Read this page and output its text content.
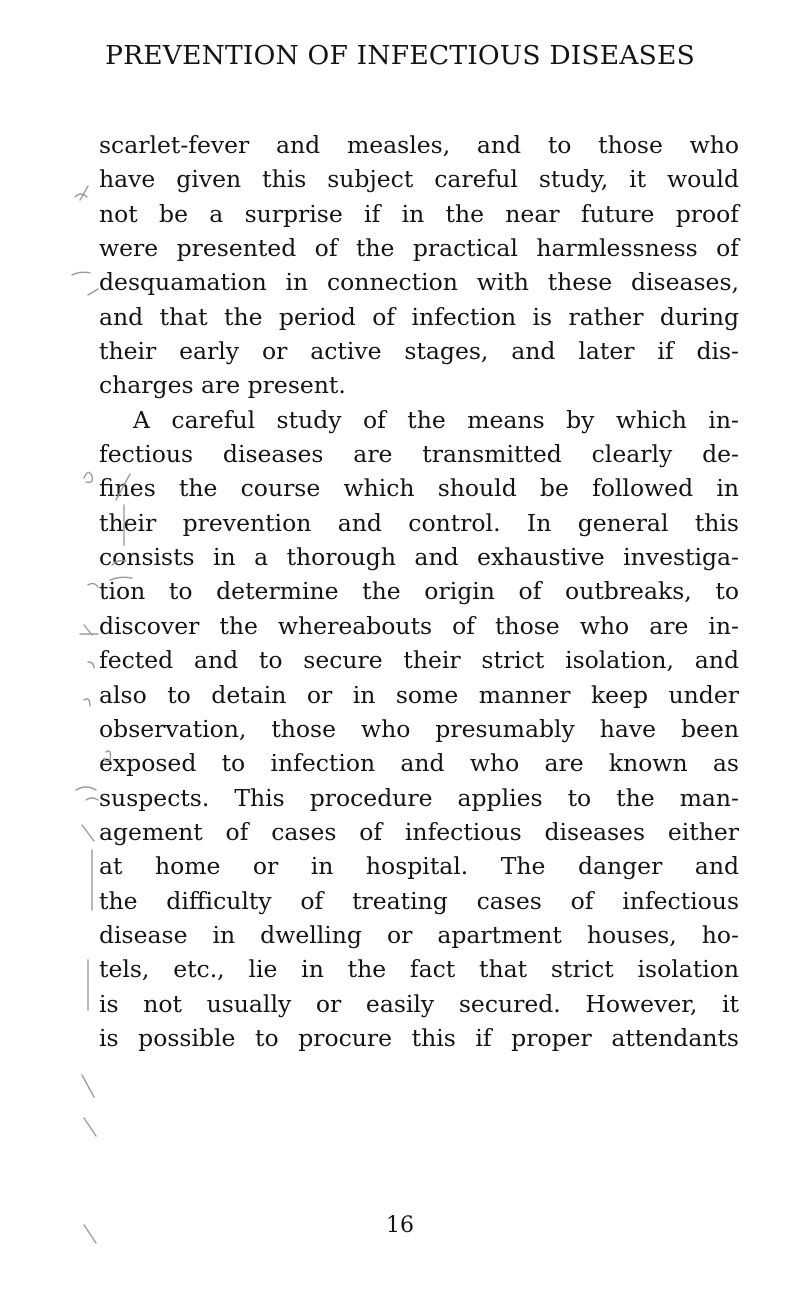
PREVENTION OF INFECTIOUS DISEASES
scarlet-fever and measles, and to those who
have given this subject careful study, it would
not be a surprise if in the near future proof
were presented of the practical harmlessness of
desquamation in connection with these diseases,
and that the period of infection is rather during
their early or active stages, and later if dis-
charges are present.
A careful study of the means by which in-
fectious diseases are transmitted clearly de-
fines the course which should be followed in
their prevention and control. In general this
consists in a thorough and exhaustive investiga-
tion to determine the origin of outbreaks, to
discover the whereabouts of those who are in-
fected and to secure their strict isolation, and
also to detain or in some manner keep under
observation, those who presumably have been
exposed to infection and who are known as
suspects. This procedure applies to the man-
agement of cases of infectious diseases either
at home or in hospital. The danger and
the difficulty of treating cases of infectious
disease in dwelling or apartment houses, ho-
tels, etc., lie in the fact that strict isolation
is not usually or easily secured. However, it
is possible to procure this if proper attendants
16
